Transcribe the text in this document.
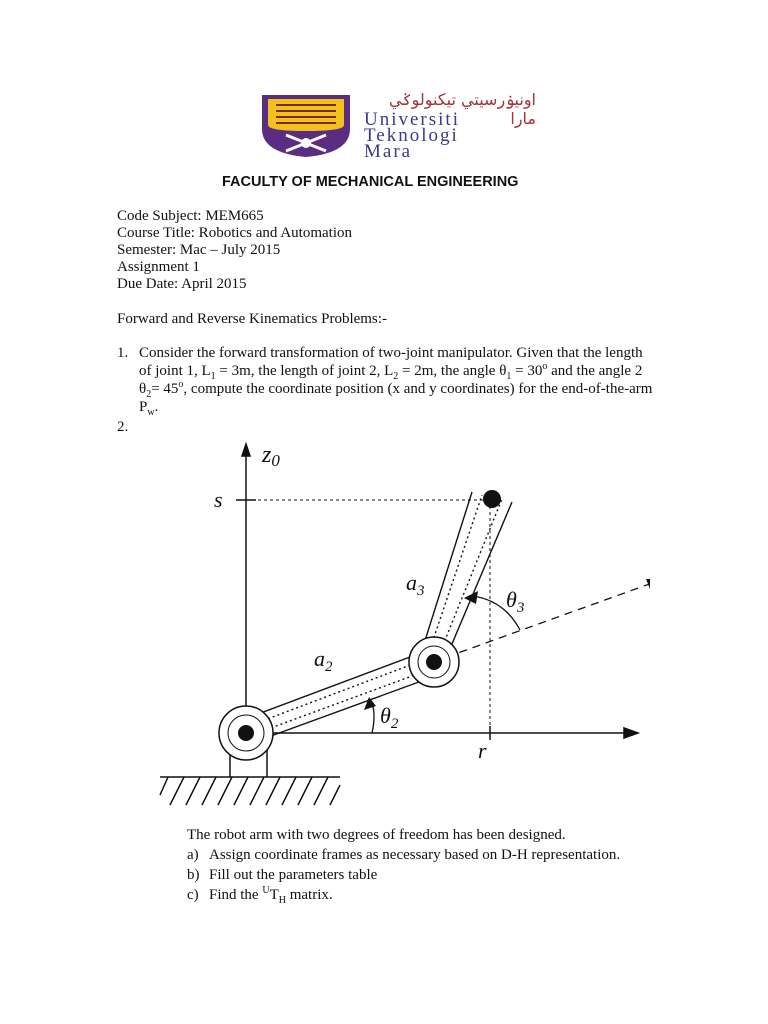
اونيۏرسيتي تيكنولوݢي مارا
Universiti
Teknologi
Mara
FACULTY OF MECHANICAL ENGINEERING
Code Subject: MEM665
Course Title: Robotics and Automation
Semester: Mac – July 2015
Assignment 1
Due Date: April 2015
Forward and Reverse Kinematics Problems:-
1. Consider the forward transformation of two-joint manipulator. Given that the length
of joint 1, $L_1 = 3m$, the length of joint 2, $L_2 = 2m$, the angle $\theta_1 = 30^o$ and the angle 2
$\theta_2= 45^o$, compute the coordinate position (x and y coordinates) for the end-of-the-arm
$P_w$.
2.
z0
s
r
$a_2$
$a_3$
$\theta_2$
$\theta_3$
The robot arm with two degrees of freedom has been designed.
a) Assign coordinate frames as necessary based on D-H representation.
b) Fill out the parameters table
c) Find the $^UT_H$ matrix.
